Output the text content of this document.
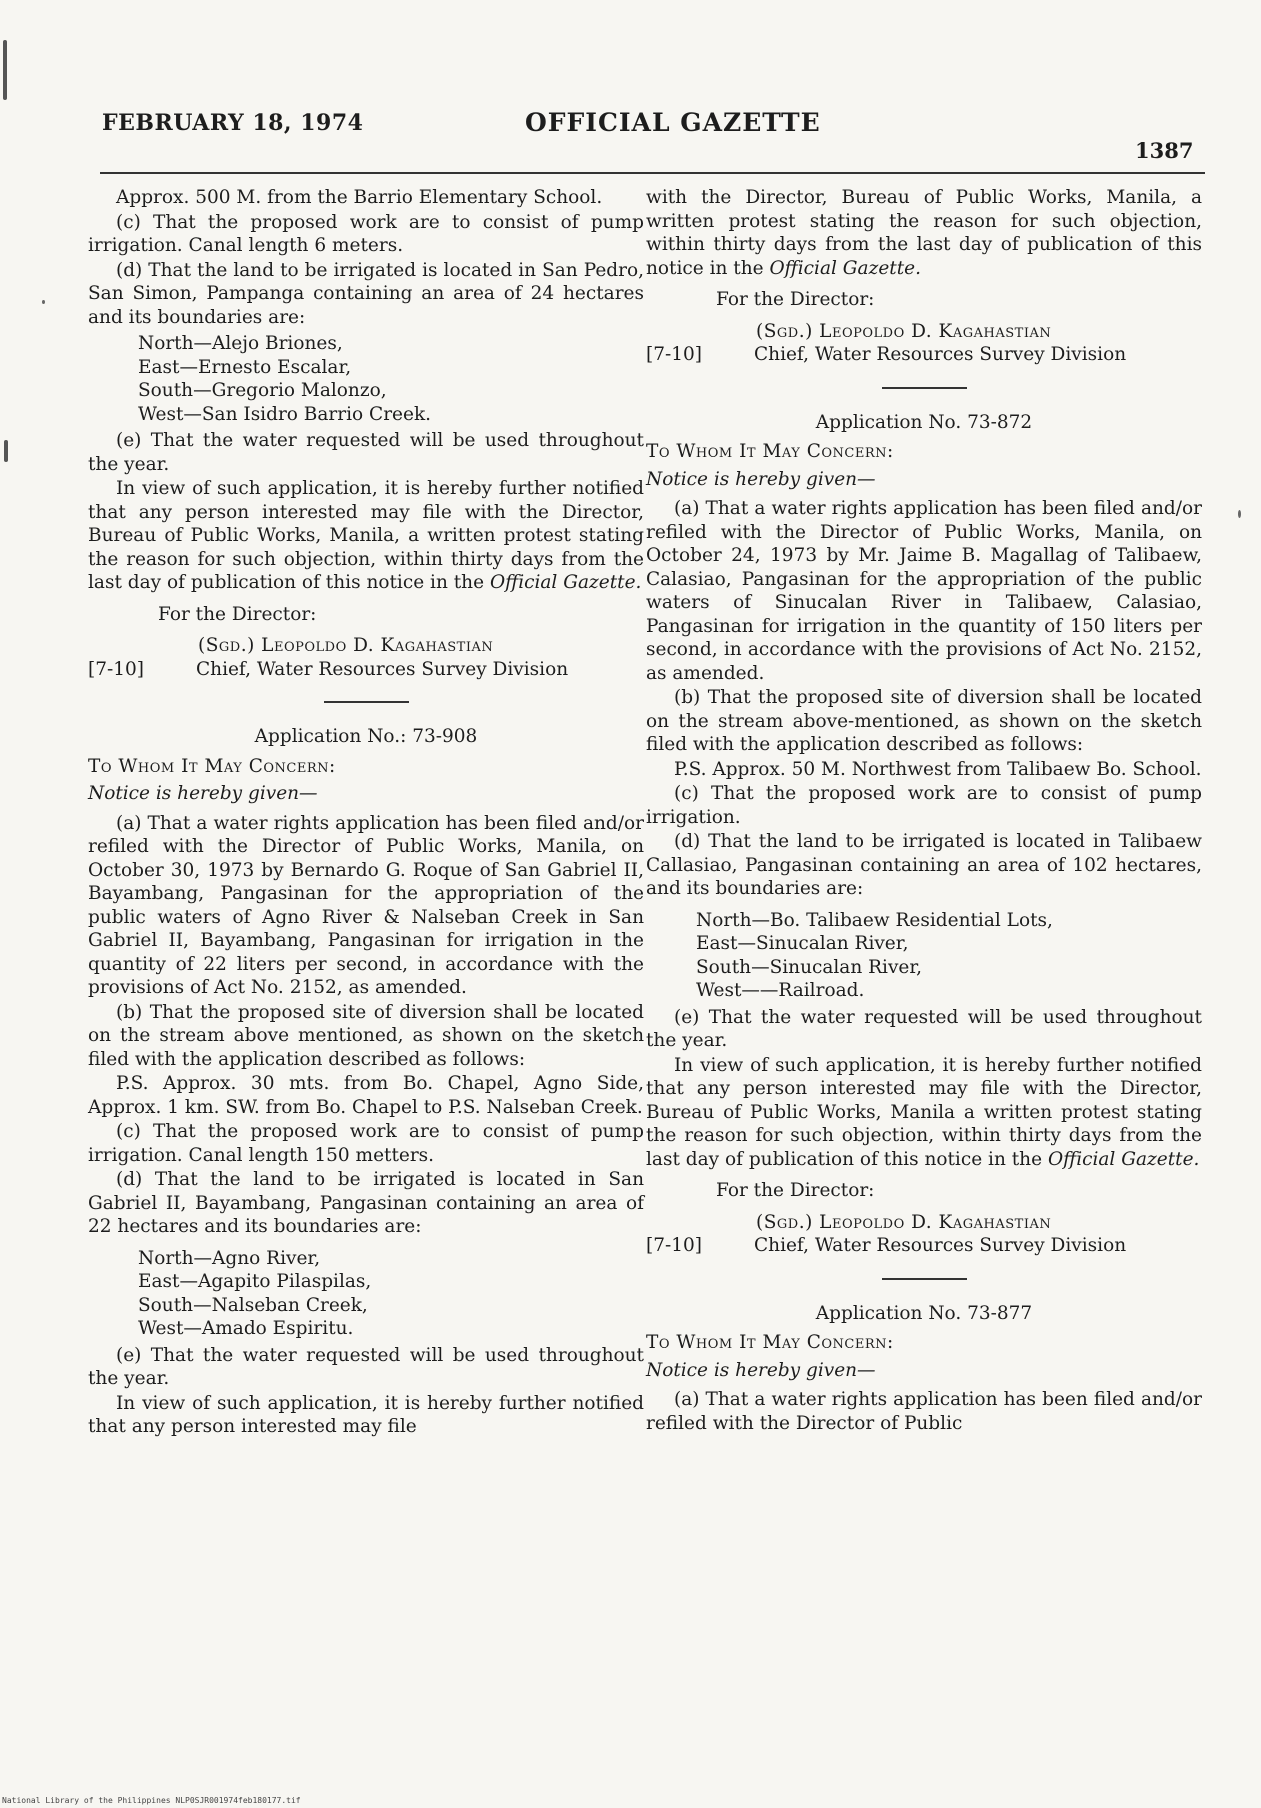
FEBRUARY 18, 1974	OFFICIAL GAZETTE
1387

Approx. 500 M. from the Barrio Elementary School.

(c) That the proposed work are to consist of pump irrigation. Canal length 6 meters.

(d) That the land to be irrigated is located in San Pedro, San Simon, Pampanga containing an area of 24 hectares and its boundaries are:

North—Alejo Briones,
East—Ernesto Escalar,
South—Gregorio Malonzo,
West—San Isidro Barrio Creek.

(e) That the water requested will be used throughout the year.

In view of such application, it is hereby further notified that any person interested may file with the Director, Bureau of Public Works, Manila, a written protest stating the reason for such objection, within thirty days from the last day of publication of this notice in the Official Gazette.

For the Director:
(Sgd.) Leopoldo D. Kagahastian
[7-10]	Chief, Water Resources Survey Division
Application No.: 73-908

To Whom It May Concern:

Notice is hereby given—

(a) That a water rights application has been filed and/or refiled with the Director of Public Works, Manila, on October 30, 1973 by Bernardo G. Roque of San Gabriel II, Bayambang, Pangasinan for the appropriation of the public waters of Agno River & Nalseban Creek in San Gabriel II, Bayambang, Pangasinan for irrigation in the quantity of 22 liters per second, in accordance with the provisions of Act No. 2152, as amended.

(b) That the proposed site of diversion shall be located on the stream above mentioned, as shown on the sketch filed with the application described as follows:

P.S. Approx. 30 mts. from Bo. Chapel, Agno Side, Approx. 1 km. SW. from Bo. Chapel to P.S. Nalseban Creek.

(c) That the proposed work are to consist of pump irrigation. Canal length 150 metters.

(d) That the land to be irrigated is located in San Gabriel II, Bayambang, Pangasinan containing an area of 22 hectares and its boundaries are:

North—Agno River,
East—Agapito Pilaspilas,
South—Nalseban Creek,
West—Amado Espiritu.

(e) That the water requested will be used throughout the year.

In view of such application, it is hereby further notified that any person interested may file

with the Director, Bureau of Public Works, Manila, a written protest stating the reason for such objection, within thirty days from the last day of publication of this notice in the Official Gazette.

For the Director:
(Sgd.) Leopoldo D. Kagahastian
[7-10]	Chief, Water Resources Survey Division
Application No. 73-872

To Whom It May Concern:

Notice is hereby given—

(a) That a water rights application has been filed and/or refiled with the Director of Public Works, Manila, on October 24, 1973 by Mr. Jaime B. Magallag of Talibaew, Calasiao, Pangasinan for the appropriation of the public waters of Sinucalan River in Talibaew, Calasiao, Pangasinan for irrigation in the quantity of 150 liters per second, in accordance with the provisions of Act No. 2152, as amended.

(b) That the proposed site of diversion shall be located on the stream above-mentioned, as shown on the sketch filed with the application described as follows:

P.S. Approx. 50 M. Northwest from Talibaew Bo. School.

(c) That the proposed work are to consist of pump irrigation.

(d) That the land to be irrigated is located in Talibaew Callasiao, Pangasinan containing an area of 102 hectares, and its boundaries are:

North—Bo. Talibaew Residential Lots,
East—Sinucalan River,
South—Sinucalan River,
West——Railroad.

(e) That the water requested will be used throughout the year.

In view of such application, it is hereby further notified that any person interested may file with the Director, Bureau of Public Works, Manila a written protest stating the reason for such objection, within thirty days from the last day of publication of this notice in the Official Gazette.

For the Director:
(Sgd.) Leopoldo D. Kagahastian
[7-10]	Chief, Water Resources Survey Division
Application No. 73-877

To Whom It May Concern:

Notice is hereby given—

(a) That a water rights application has been filed and/or refiled with the Director of Public

National Library of the Philippines NLP0SJR001974feb180177.tif
